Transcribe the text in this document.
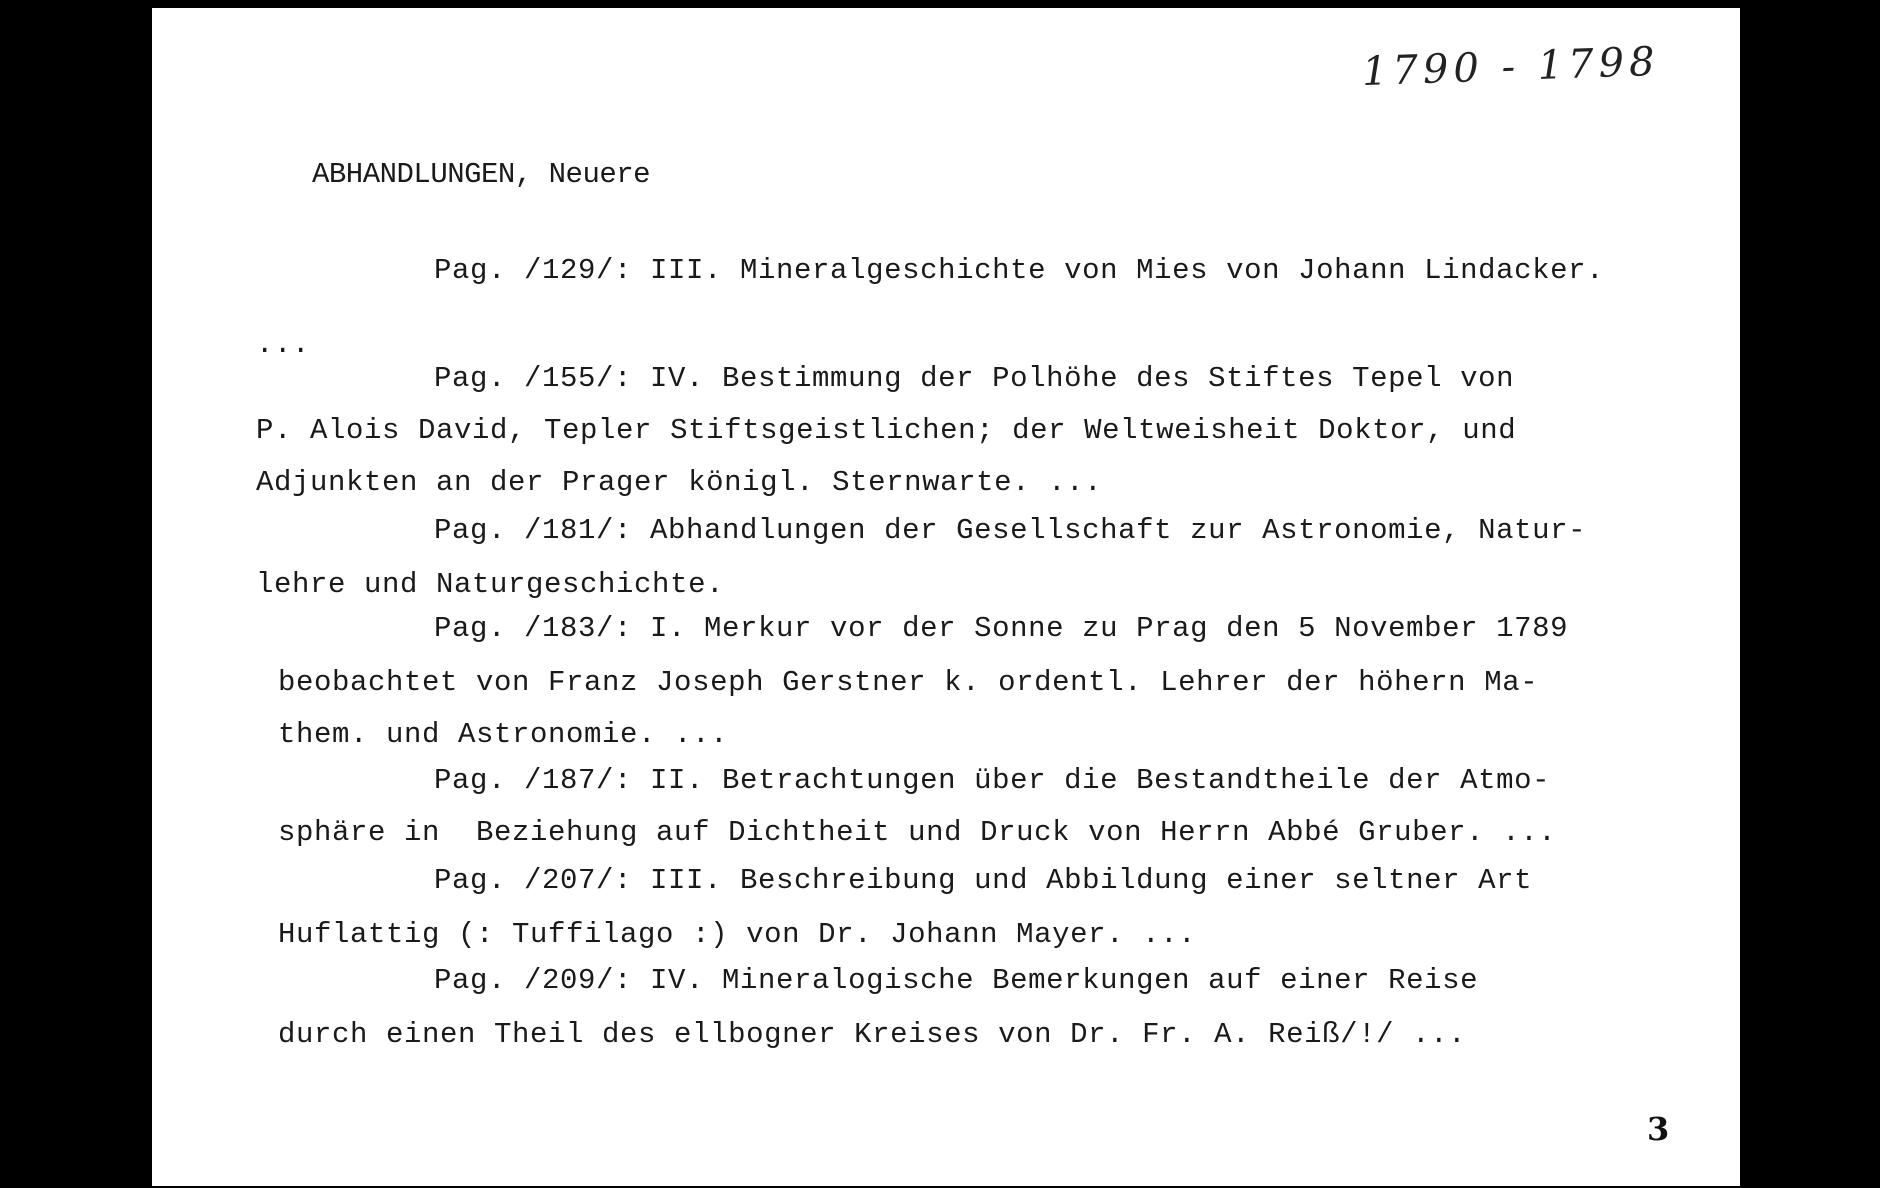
1790 - 1798
ABHANDLUNGEN, Neuere
Pag. /129/: III. Mineralgeschichte von Mies von Johann Lindacker.
...
Pag. /155/: IV. Bestimmung der Polhöhe des Stiftes Tepel von
P. Alois David, Tepler Stiftsgeistlichen; der Weltweisheit Doktor, und
Adjunkten an der Prager königl. Sternwarte. ...
Pag. /181/: Abhandlungen der Gesellschaft zur Astronomie, Natur-
lehre und Naturgeschichte.
Pag. /183/: I. Merkur vor der Sonne zu Prag den 5 November 1789
beobachtet von Franz Joseph Gerstner k. ordentl. Lehrer der höhern Ma-
them. und Astronomie. ...
Pag. /187/: II. Betrachtungen über die Bestandtheile der Atmo-
sphäre in  Beziehung auf Dichtheit und Druck von Herrn Abbé Gruber. ...
Pag. /207/: III. Beschreibung und Abbildung einer seltner Art
Huflattig (: Tuffilago :) von Dr. Johann Mayer. ...
Pag. /209/: IV. Mineralogische Bemerkungen auf einer Reise
durch einen Theil des ellbogner Kreises von Dr. Fr. A. Reiß/!/ ...
3
